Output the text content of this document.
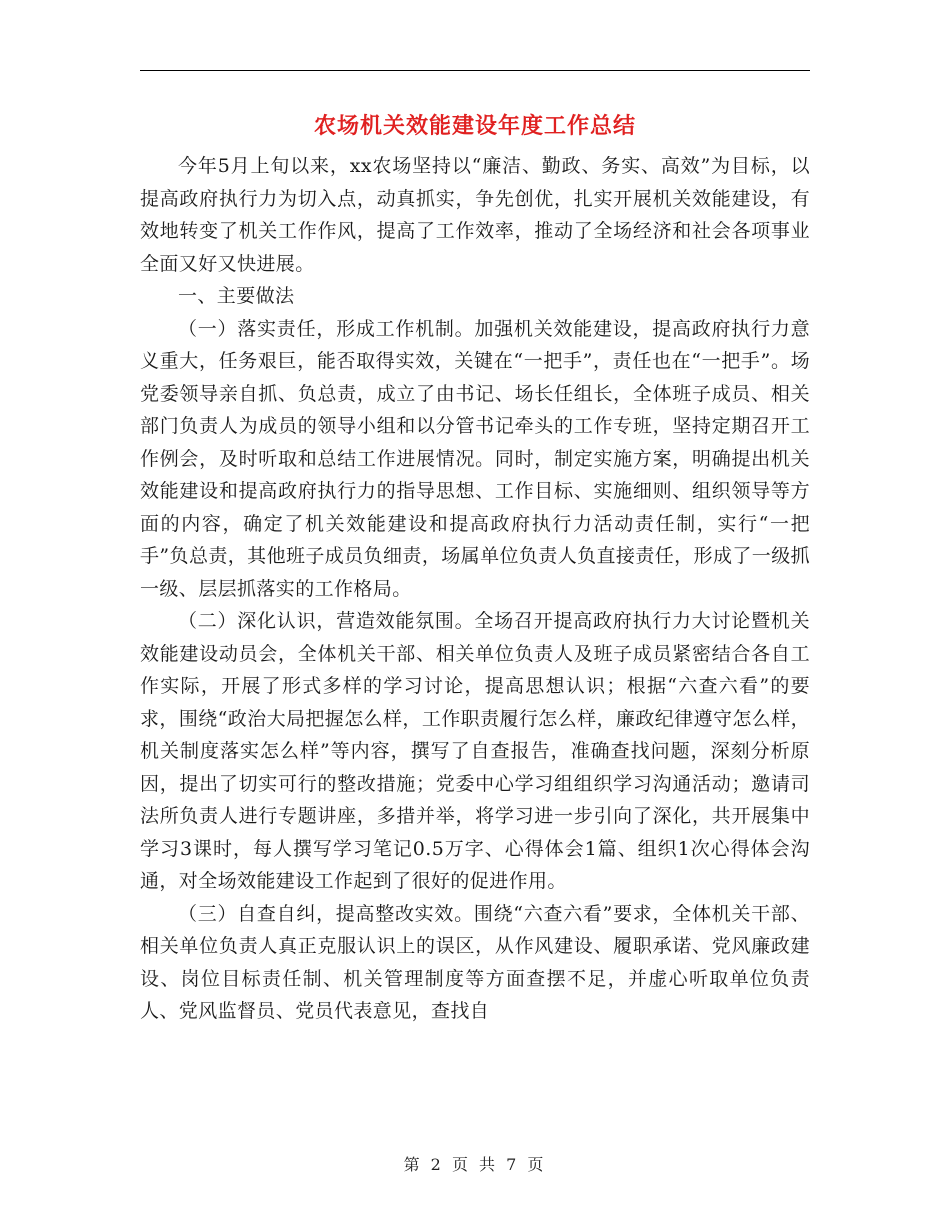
农场机关效能建设年度工作总结

今年5月上旬以来，xx农场坚持以“廉洁、勤政、务实、高效”为目标，以提高政府执行力为切入点，动真抓实，争先创优，扎实开展机关效能建设，有效地转变了机关工作作风，提高了工作效率，推动了全场经济和社会各项事业全面又好又快进展。

一、主要做法

（一）落实责任，形成工作机制。加强机关效能建设，提高政府执行力意义重大，任务艰巨，能否取得实效，关键在“一把手”，责任也在“一把手”。场党委领导亲自抓、负总责，成立了由书记、场长任组长，全体班子成员、相关部门负责人为成员的领导小组和以分管书记牵头的工作专班，坚持定期召开工作例会，及时听取和总结工作进展情况。同时，制定实施方案，明确提出机关效能建设和提高政府执行力的指导思想、工作目标、实施细则、组织领导等方面的内容，确定了机关效能建设和提高政府执行力活动责任制，实行“一把手”负总责，其他班子成员负细责，场属单位负责人负直接责任，形成了一级抓一级、层层抓落实的工作格局。

（二）深化认识，营造效能氛围。全场召开提高政府执行力大讨论暨机关效能建设动员会，全体机关干部、相关单位负责人及班子成员紧密结合各自工作实际，开展了形式多样的学习讨论，提高思想认识；根据“六查六看”的要求，围绕“政治大局把握怎么样，工作职责履行怎么样，廉政纪律遵守怎么样，机关制度落实怎么样”等内容，撰写了自查报告，准确查找问题，深刻分析原因，提出了切实可行的整改措施；党委中心学习组组织学习沟通活动；邀请司法所负责人进行专题讲座，多措并举，将学习进一步引向了深化，共开展集中学习3课时，每人撰写学习笔记0.5万字、心得体会1篇、组织1次心得体会沟通，对全场效能建设工作起到了很好的促进作用。

（三）自查自纠，提高整改实效。围绕“六查六看”要求，全体机关干部、相关单位负责人真正克服认识上的误区，从作风建设、履职承诺、党风廉政建设、岗位目标责任制、机关管理制度等方面查摆不足，并虚心听取单位负责人、党风监督员、党员代表意见，查找自

第 2 页 共 7 页
